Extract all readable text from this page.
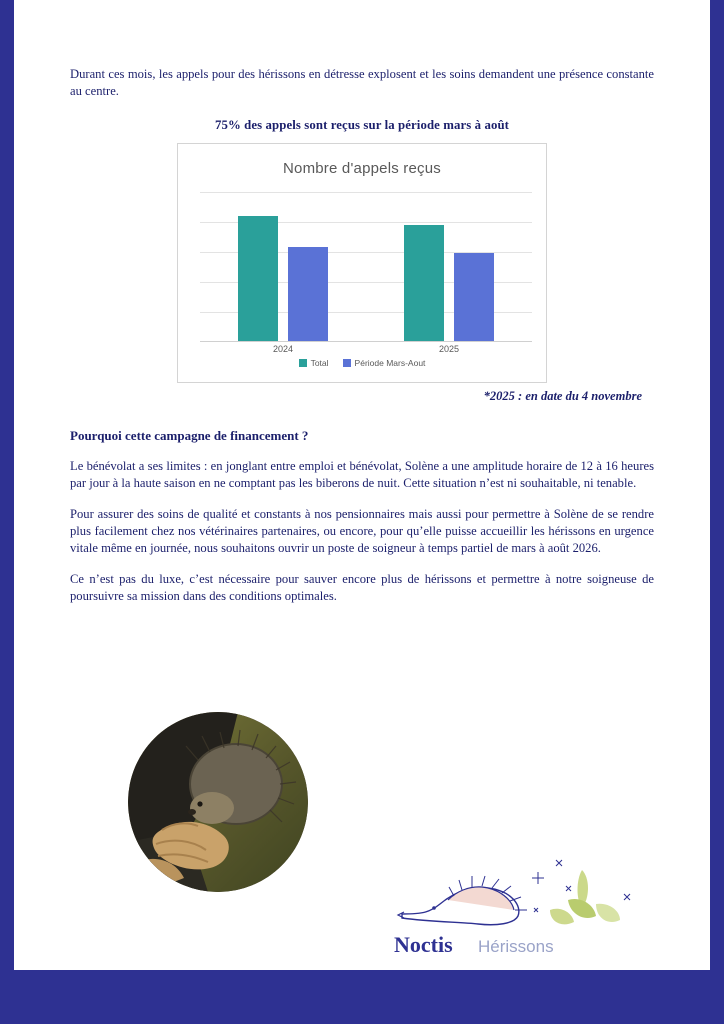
Durant ces mois, les appels pour des hérissons en détresse explosent et les soins demandent une présence constante au centre.

75% des appels sont reçus sur la période mars à août
Nombre d'appels reçus
2024	2025
Total	Période Mars-Aout

*2025 : en date du 4 novembre

Pourquoi cette campagne de financement ?

Le bénévolat a ses limites : en jonglant entre emploi et bénévolat, Solène a une amplitude horaire de 12 à 16 heures par jour à la haute saison en ne comptant pas les biberons de nuit. Cette situation n’est ni souhaitable, ni tenable.

Pour assurer des soins de qualité et constants à nos pensionnaires mais aussi pour permettre à Solène de se rendre plus facilement chez nos vétérinaires partenaires, ou encore, pour qu’elle puisse accueillir les hérissons en urgence vitale même en journée, nous souhaitons ouvrir un poste de soigneur à temps partiel de mars à août 2026.

Ce n’est pas du luxe, c’est nécessaire pour sauver encore plus de hérissons et permettre à notre soigneuse de poursuivre sa mission dans des conditions optimales.

Noctis Hérissons
